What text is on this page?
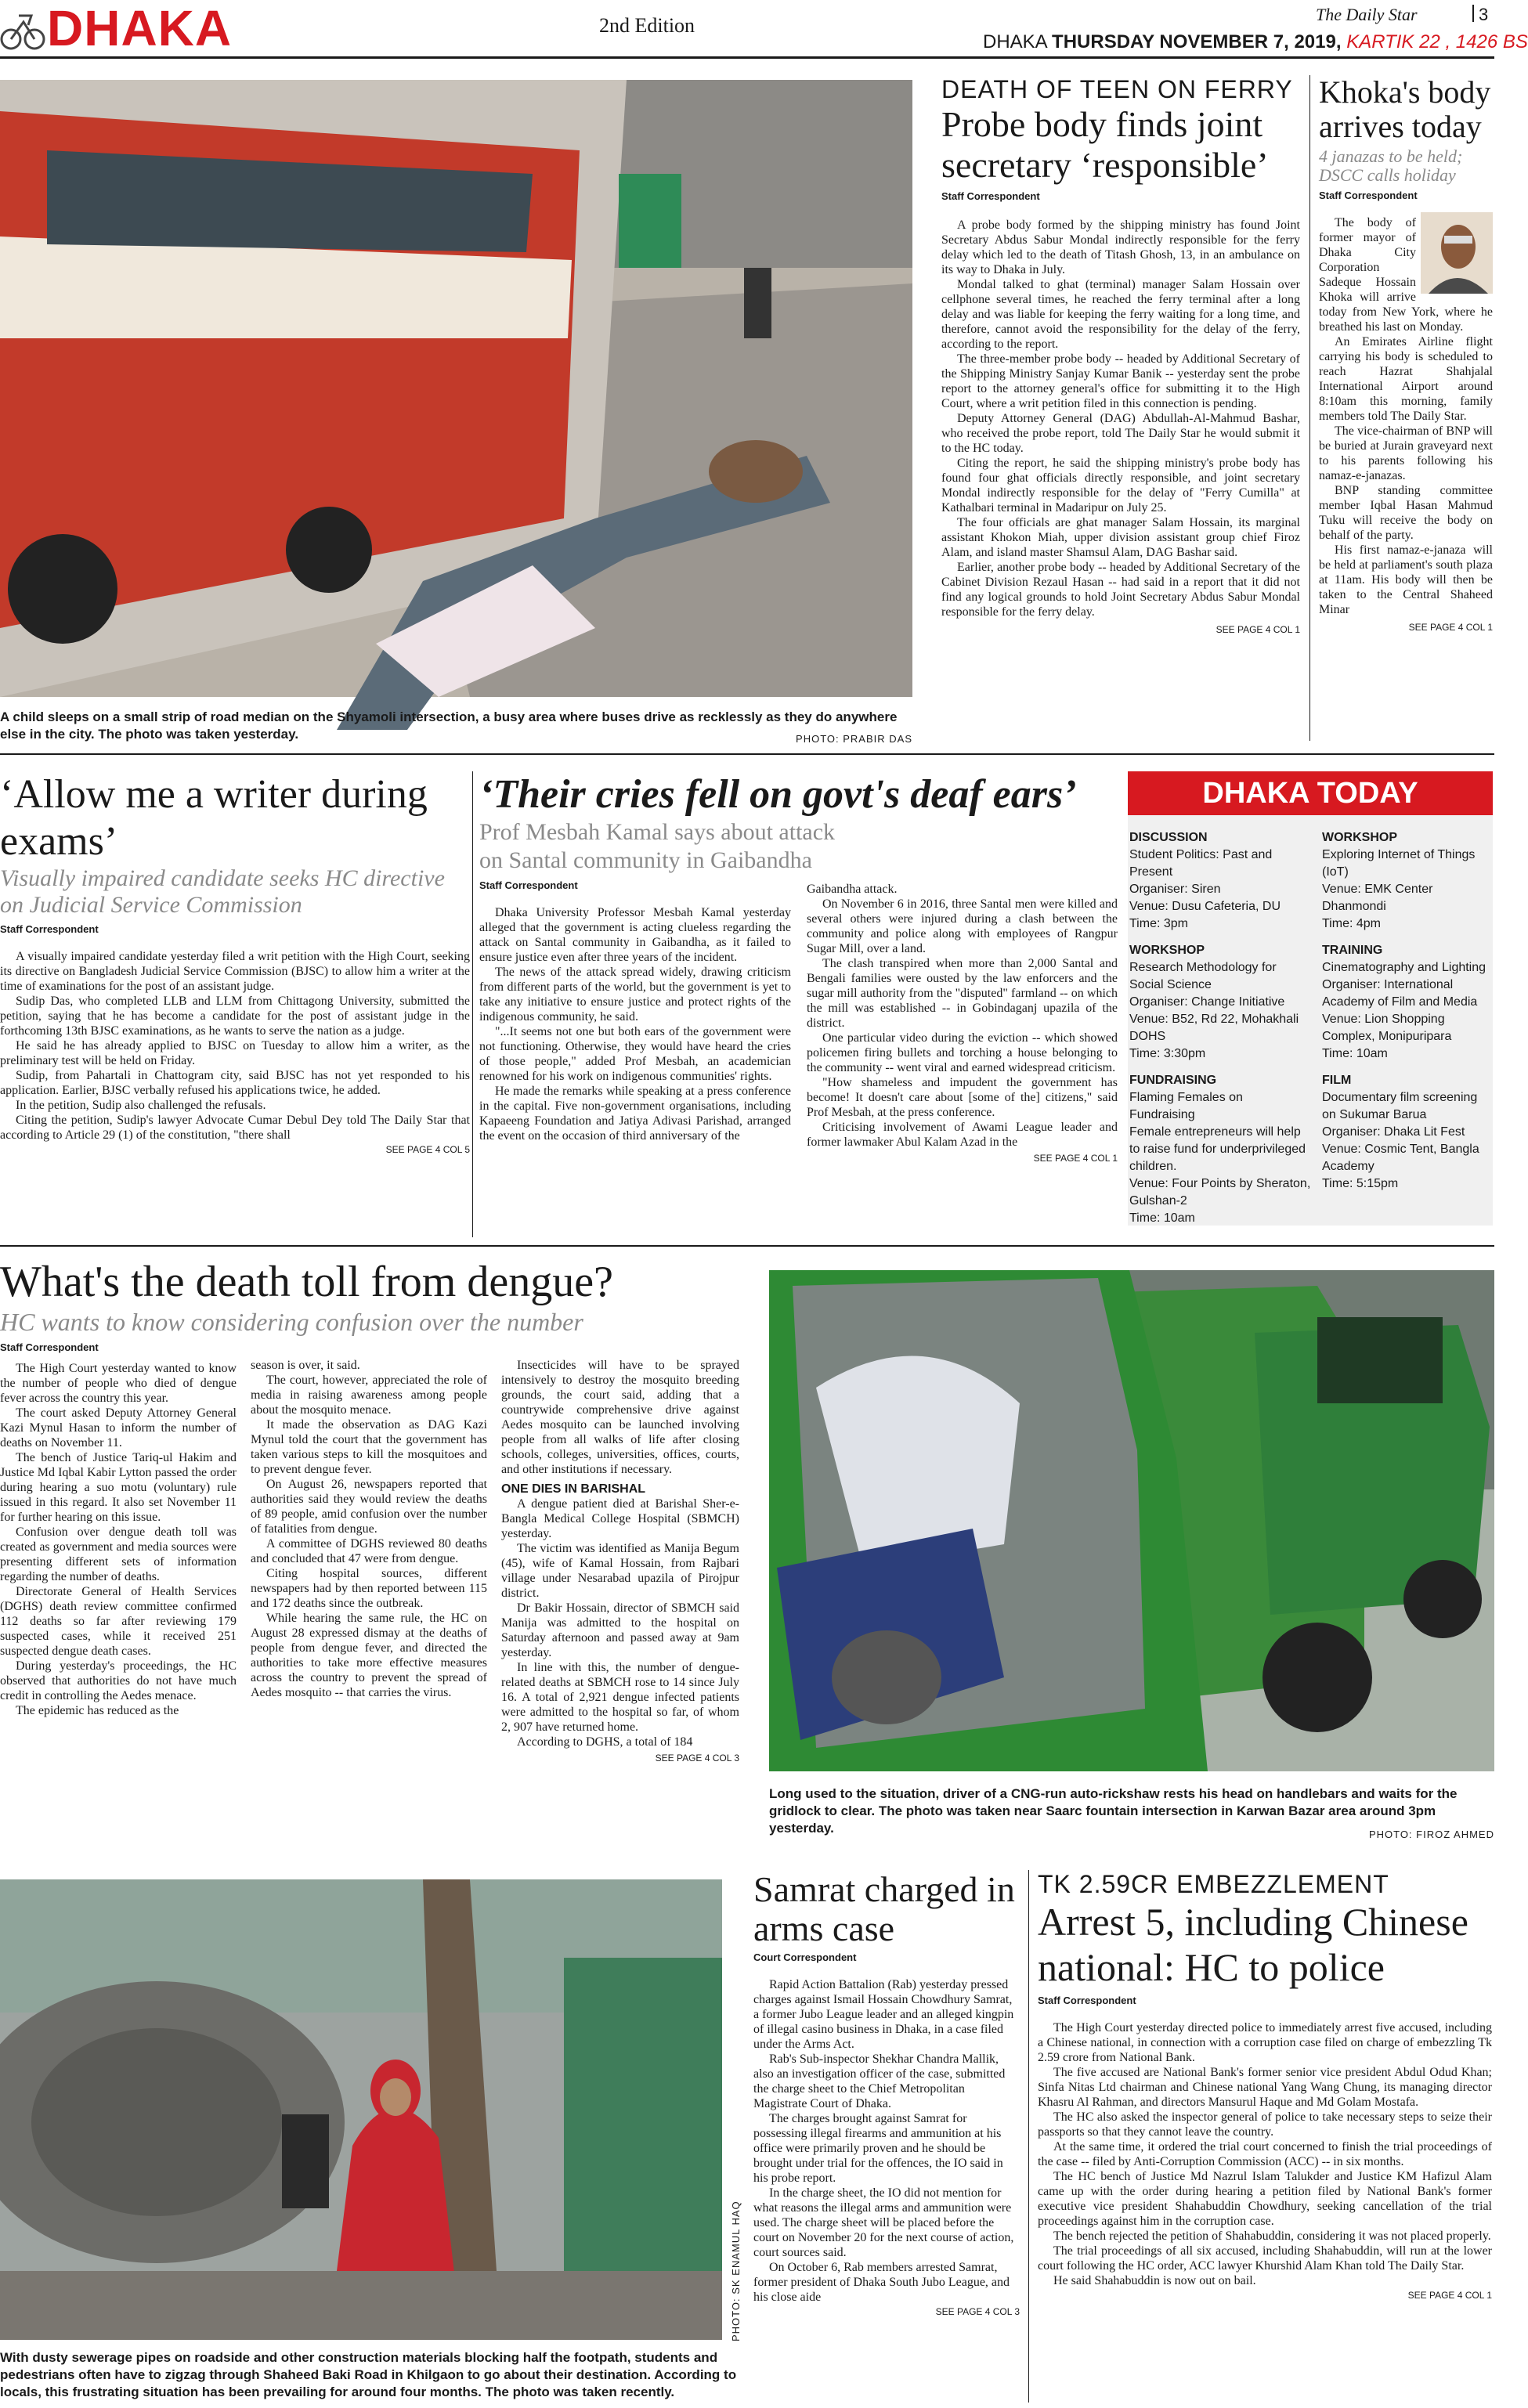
DHAKA	2nd Edition	The Daily Star	3
DHAKA THURSDAY NOVEMBER 7, 2019, KARTIK 22 , 1426 BS
A child sleeps on a small strip of road median on the Shyamoli intersection, a busy area where buses drive as recklessly as they do anywhere else in the city. The photo was taken yesterday.	PHOTO: PRABIR DAS
DEATH OF TEEN ON FERRY
Probe body finds joint secretary ‘responsible’
Staff Correspondent

A probe body formed by the shipping ministry has found Joint Secretary Abdus Sabur Mondal indirectly responsible for the ferry delay which led to the death of Titash Ghosh, 13, in an ambulance on its way to Dhaka in July.

Mondal talked to ghat (terminal) manager Salam Hossain over cellphone several times, he reached the ferry terminal after a long delay and was liable for keeping the ferry waiting for a long time, and therefore, cannot avoid the responsibility for the delay of the ferry, according to the report.

The three-member probe body -- headed by Additional Secretary of the Shipping Ministry Sanjay Kumar Banik -- yesterday sent the probe report to the attorney general's office for submitting it to the High Court, where a writ petition filed in this connection is pending.

Deputy Attorney General (DAG) Abdullah-Al-Mahmud Bashar, who received the probe report, told The Daily Star he would submit it to the HC today.

Citing the report, he said the shipping ministry's probe body has found four ghat officials directly responsible, and joint secretary Mondal indirectly responsible for the delay of "Ferry Cumilla" at Kathalbari terminal in Madaripur on July 25.

The four officials are ghat manager Salam Hossain, its marginal assistant Khokon Miah, upper division assistant group chief Firoz Alam, and island master Shamsul Alam, DAG Bashar said.

Earlier, another probe body -- headed by Additional Secretary of the Cabinet Division Rezaul Hasan -- had said in a report that it did not find any logical grounds to hold Joint Secretary Abdus Sabur Mondal responsible for the ferry delay.

SEE PAGE 4 COL 1
Khoka's body arrives today
4 janazas to be held; DSCC calls holiday
Staff Correspondent

The body of former mayor of Dhaka City Corporation Sadeque Hossain Khoka will arrive today from New York, where he breathed his last on Monday.

An Emirates Airline flight carrying his body is scheduled to reach Hazrat Shahjalal International Airport around 8:10am this morning, family members told The Daily Star.

The vice-chairman of BNP will be buried at Jurain graveyard next to his parents following his namaz-e-janazas.

BNP standing committee member Iqbal Hasan Mahmud Tuku will receive the body on behalf of the party.

His first namaz-e-janaza will be held at parliament's south plaza at 11am. His body will then be taken to the Central Shaheed Minar

SEE PAGE 4 COL 1
‘Allow me a writer during exams’
Visually impaired candidate seeks HC directive on Judicial Service Commission
Staff Correspondent

A visually impaired candidate yesterday filed a writ petition with the High Court, seeking its directive on Bangladesh Judicial Service Commission (BJSC) to allow him a writer at the time of examinations for the post of an assistant judge.

Sudip Das, who completed LLB and LLM from Chittagong University, submitted the petition, saying that he has become a candidate for the post of assistant judge in the forthcoming 13th BJSC examinations, as he wants to serve the nation as a judge.

He said he has already applied to BJSC on Tuesday to allow him a writer, as the preliminary test will be held on Friday.

Sudip, from Pahartali in Chattogram city, said BJSC has not yet responded to his application. Earlier, BJSC verbally refused his applications twice, he added.

In the petition, Sudip also challenged the refusals.

Citing the petition, Sudip's lawyer Advocate Cumar Debul Dey told The Daily Star that according to Article 29 (1) of the constitution, "there shall

SEE PAGE 4 COL 5
‘Their cries fell on govt's deaf ears’
Prof Mesbah Kamal says about attack on Santal community in Gaibandha
Staff Correspondent

Dhaka University Professor Mesbah Kamal yesterday alleged that the government is acting clueless regarding the attack on Santal community in Gaibandha, as it failed to ensure justice even after three years of the incident.

The news of the attack spread widely, drawing criticism from different parts of the world, but the government is yet to take any initiative to ensure justice and protect rights of the indigenous community, he said.

"...It seems not one but both ears of the government were not functioning. Otherwise, they would have heard the cries of those people," added Prof Mesbah, an academician renowned for his work on indigenous communities' rights.

He made the remarks while speaking at a press conference in the capital. Five non-government organisations, including Kapaeeng Foundation and Jatiya Adivasi Parishad, arranged the event on the occasion of third anniversary of the

Gaibandha attack.

On November 6 in 2016, three Santal men were killed and several others were injured during a clash between the community and police along with employees of Rangpur Sugar Mill, over a land.

The clash transpired when more than 2,000 Santal and Bengali families were ousted by the law enforcers and the sugar mill authority from the "disputed" farmland -- on which the mill was established -- in Gobindaganj upazila of the district.

One particular video during the eviction -- which showed policemen firing bullets and torching a house belonging to the community -- went viral and earned widespread criticism.

"How shameless and impudent the government has become! It doesn't care about [some of the] citizens," said Prof Mesbah, at the press conference.

Criticising involvement of Awami League leader and former lawmaker Abul Kalam Azad in the

SEE PAGE 4 COL 1
DHAKA TODAY
DISCUSSION
Student Politics: Past and Present
Organiser: Siren
Venue: Dusu Cafeteria, DU
Time: 3pm
WORKSHOP
Research Methodology for Social Science
Organiser: Change Initiative
Venue: B52, Rd 22, Mohakhali DOHS
Time: 3:30pm
FUNDRAISING
Flaming Females on Fundraising
Female entrepreneurs will help to raise fund for underprivileged children.
Venue: Four Points by Sheraton, Gulshan-2
Time: 10am
WORKSHOP
Exploring Internet of Things (IoT)
Venue: EMK Center
Dhanmondi
Time: 4pm
TRAINING
Cinematography and Lighting
Organiser: International Academy of Film and Media
Venue: Lion Shopping Complex, Monipuripara
Time: 10am
FILM
Documentary film screening on Sukumar Barua
Organiser: Dhaka Lit Fest
Venue: Cosmic Tent, Bangla Academy
Time: 5:15pm
What's the death toll from dengue?
HC wants to know considering confusion over the number
Staff Correspondent

The High Court yesterday wanted to know the number of people who died of dengue fever across the country this year.

The court asked Deputy Attorney General Kazi Mynul Hasan to inform the number of deaths on November 11.

The bench of Justice Tariq-ul Hakim and Justice Md Iqbal Kabir Lytton passed the order during hearing a suo motu (voluntary) rule issued in this regard. It also set November 11 for further hearing on this issue.

Confusion over dengue death toll was created as government and media sources were presenting different sets of information regarding the number of deaths.

Directorate General of Health Services (DGHS) death review committee confirmed 112 deaths so far after reviewing 179 suspected cases, while it received 251 suspected dengue death cases.

During yesterday's proceedings, the HC observed that authorities do not have much credit in controlling the Aedes menace.

The epidemic has reduced as the

season is over, it said.

The court, however, appreciated the role of media in raising awareness among people about the mosquito menace.

It made the observation as DAG Kazi Mynul told the court that the government has taken various steps to kill the mosquitoes and to prevent dengue fever.

On August 26, newspapers reported that authorities said they would review the deaths of 89 people, amid confusion over the number of fatalities from dengue.

A committee of DGHS reviewed 80 deaths and concluded that 47 were from dengue.

Citing hospital sources, different newspapers had by then reported between 115 and 172 deaths since the outbreak.

While hearing the same rule, the HC on August 28 expressed dismay at the deaths of people from dengue fever, and directed the authorities to take more effective measures across the country to prevent the spread of Aedes mosquito -- that carries the virus.

Insecticides will have to be sprayed intensively to destroy the mosquito breeding grounds, the court said, adding that a countrywide comprehensive drive against Aedes mosquito can be launched involving people from all walks of life after closing schools, colleges, universities, offices, courts, and other institutions if necessary.

ONE DIES IN BARISHAL

A dengue patient died at Barishal Sher-e-Bangla Medical College Hospital (SBMCH) yesterday.

The victim was identified as Manija Begum (45), wife of Kamal Hossain, from Rajbari village under Nesarabad upazila of Pirojpur district.

Dr Bakir Hossain, director of SBMCH said Manija was admitted to the hospital on Saturday afternoon and passed away at 9am yesterday.

In line with this, the number of dengue-related deaths at SBMCH rose to 14 since July 16. A total of 2,921 dengue infected patients were admitted to the hospital so far, of whom 2, 907 have returned home.

According to DGHS, a total of 184

SEE PAGE 4 COL 3
Long used to the situation, driver of a CNG-run auto-rickshaw rests his head on handlebars and waits for the gridlock to clear. The photo was taken near Saarc fountain intersection in Karwan Bazar area around 3pm yesterday.	PHOTO: FIROZ AHMED
PHOTO: SK ENAMUL HAQ
With dusty sewerage pipes on roadside and other construction materials blocking half the footpath, students and pedestrians often have to zigzag through Shaheed Baki Road in Khilgaon to go about their destination. According to locals, this frustrating situation has been prevailing for around four months. The photo was taken recently.
Samrat charged in arms case
Court Correspondent

Rapid Action Battalion (Rab) yesterday pressed charges against Ismail Hossain Chowdhury Samrat, a former Jubo League leader and an alleged kingpin of illegal casino business in Dhaka, in a case filed under the Arms Act.

Rab's Sub-inspector Shekhar Chandra Mallik, also an investigation officer of the case, submitted the charge sheet to the Chief Metropolitan Magistrate Court of Dhaka.

The charges brought against Samrat for possessing illegal firearms and ammunition at his office were primarily proven and he should be brought under trial for the offences, the IO said in his probe report.

In the charge sheet, the IO did not mention for what reasons the illegal arms and ammunition were used. The charge sheet will be placed before the court on November 20 for the next course of action, court sources said.

On October 6, Rab members arrested Samrat, former president of Dhaka South Jubo League, and his close aide

SEE PAGE 4 COL 3
TK 2.59CR EMBEZZLEMENT
Arrest 5, including Chinese national: HC to police
Staff Correspondent

The High Court yesterday directed police to immediately arrest five accused, including a Chinese national, in connection with a corruption case filed on charge of embezzling Tk 2.59 crore from National Bank.

The five accused are National Bank's former senior vice president Abdul Odud Khan; Sinfa Nitas Ltd chairman and Chinese national Yang Wang Chung, its managing director Khasru Al Rahman, and directors Mansurul Haque and Md Golam Mostafa.

The HC also asked the inspector general of police to take necessary steps to seize their passports so that they cannot leave the country.

At the same time, it ordered the trial court concerned to finish the trial proceedings of the case -- filed by Anti-Corruption Commission (ACC) -- in six months.

The HC bench of Justice Md Nazrul Islam Talukder and Justice KM Hafizul Alam came up with the order during hearing a petition filed by National Bank's former executive vice president Shahabuddin Chowdhury, seeking cancellation of the trial proceedings against him in the corruption case.

The bench rejected the petition of Shahabuddin, considering it was not placed properly.

The trial proceedings of all six accused, including Shahabuddin, will run at the lower court following the HC order, ACC lawyer Khurshid Alam Khan told The Daily Star.

He said Shahabuddin is now out on bail.

SEE PAGE 4 COL 1
